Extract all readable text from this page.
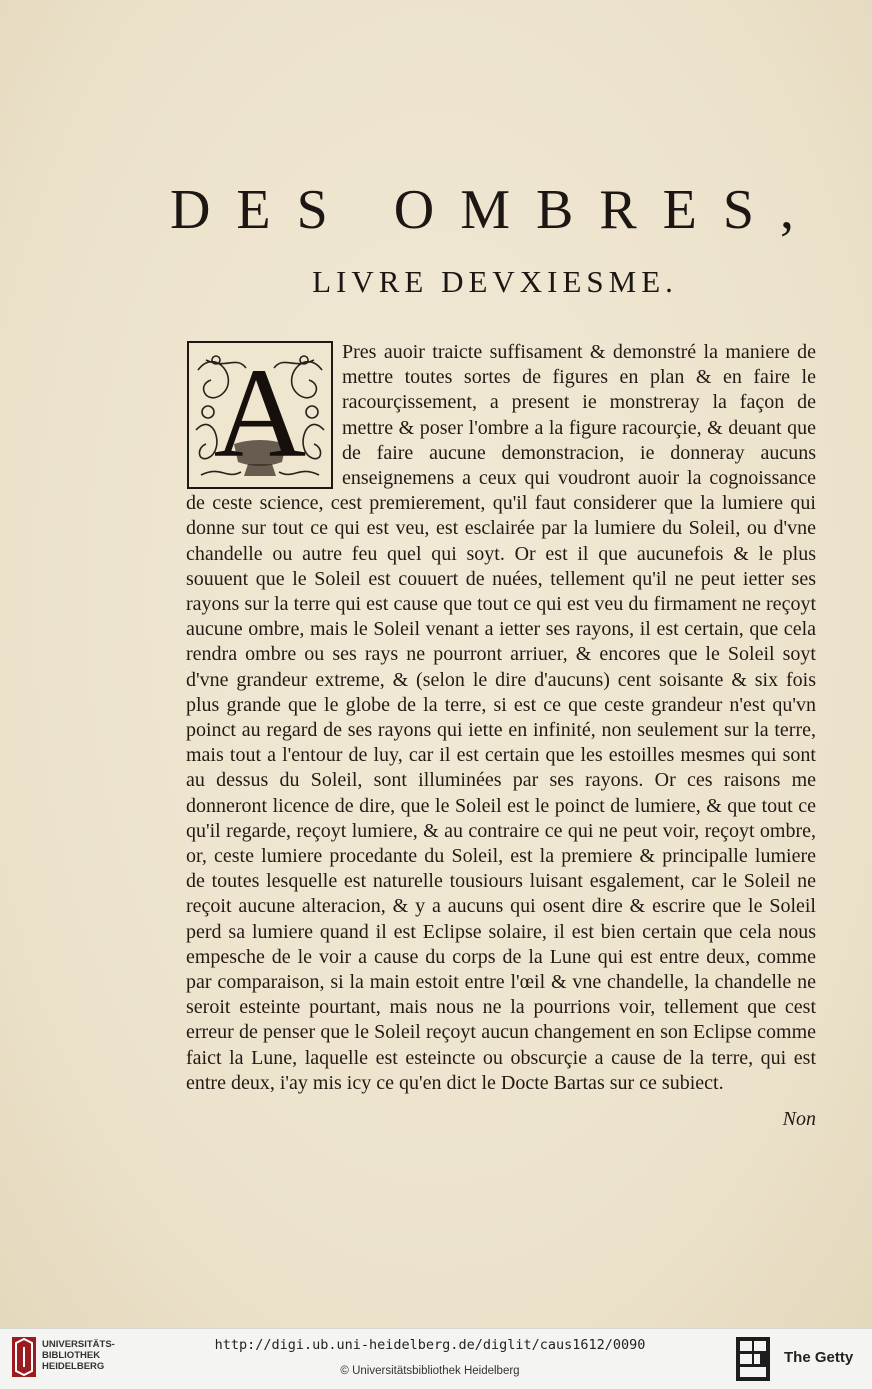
DES OMBRES,
LIVRE DEVXIESME.
A	Pres auoir traicte suffisament & demonstré la maniere de mettre toutes sortes de figures en plan & en faire le racourçissement, a present ie monstreray la façon de mettre & poser l'ombre a la figure racourçie, & deuant que de faire aucune demonstracion, ie donneray aucuns enseignemens a ceux qui voudront auoir la cognoissance de ceste science, cest premierement, qu'il faut considerer que la lumiere qui donne sur tout ce qui est veu, est esclairée par la lumiere du Soleil, ou d'vne chandelle ou autre feu quel qui soyt. Or est il que aucunefois & le plus souuent que le Soleil est couuert de nuées, tellement qu'il ne peut ietter ses rayons sur la terre qui est cause que tout ce qui est veu du firmament ne reçoyt aucune ombre, mais le Soleil venant a ietter ses rayons, il est certain, que cela rendra ombre ou ses rays ne pourront arriuer, & encores que le Soleil soyt d'vne grandeur extreme, & (selon le dire d'aucuns) cent soisante & six fois plus grande que le globe de la terre, si est ce que ceste grandeur n'est qu'vn poinct au regard de ses rayons qui iette en infinité, non seulement sur la terre, mais tout a l'entour de luy, car il est certain que les estoilles mesmes qui sont au dessus du Soleil, sont illuminées par ses rayons. Or ces raisons me donneront licence de dire, que le Soleil est le poinct de lumiere, & que tout ce qu'il regarde, reçoyt lumiere, & au contraire ce qui ne peut voir, reçoyt ombre, or, ceste lumiere procedante du Soleil, est la premiere & principalle lumiere de toutes lesquelle est naturelle tousiours luisant esgalement, car le Soleil ne reçoit aucune alteracion, & y a aucuns qui osent dire & escrire que le Soleil perd sa lumiere quand il est Eclipse solaire, il est bien certain que cela nous empesche de le voir a cause du corps de la Lune qui est entre deux, comme par comparaison, si la main estoit entre l'œil & vne chandelle, la chandelle ne seroit esteinte pourtant, mais nous ne la pourrions voir, tellement que cest erreur de penser que le Soleil reçoyt aucun changement en son Eclipse comme faict la Lune, laquelle est esteincte ou obscurçie a cause de la terre, qui est entre deux, i'ay mis icy ce qu'en dict le Docte Bartas sur ce subiect.

Non
UNIVERSITÄTS-
BIBLIOTHEK
HEIDELBERG
http://digi.ub.uni-heidelberg.de/diglit/caus1612/0090
© Universitätsbibliothek Heidelberg
The Getty
